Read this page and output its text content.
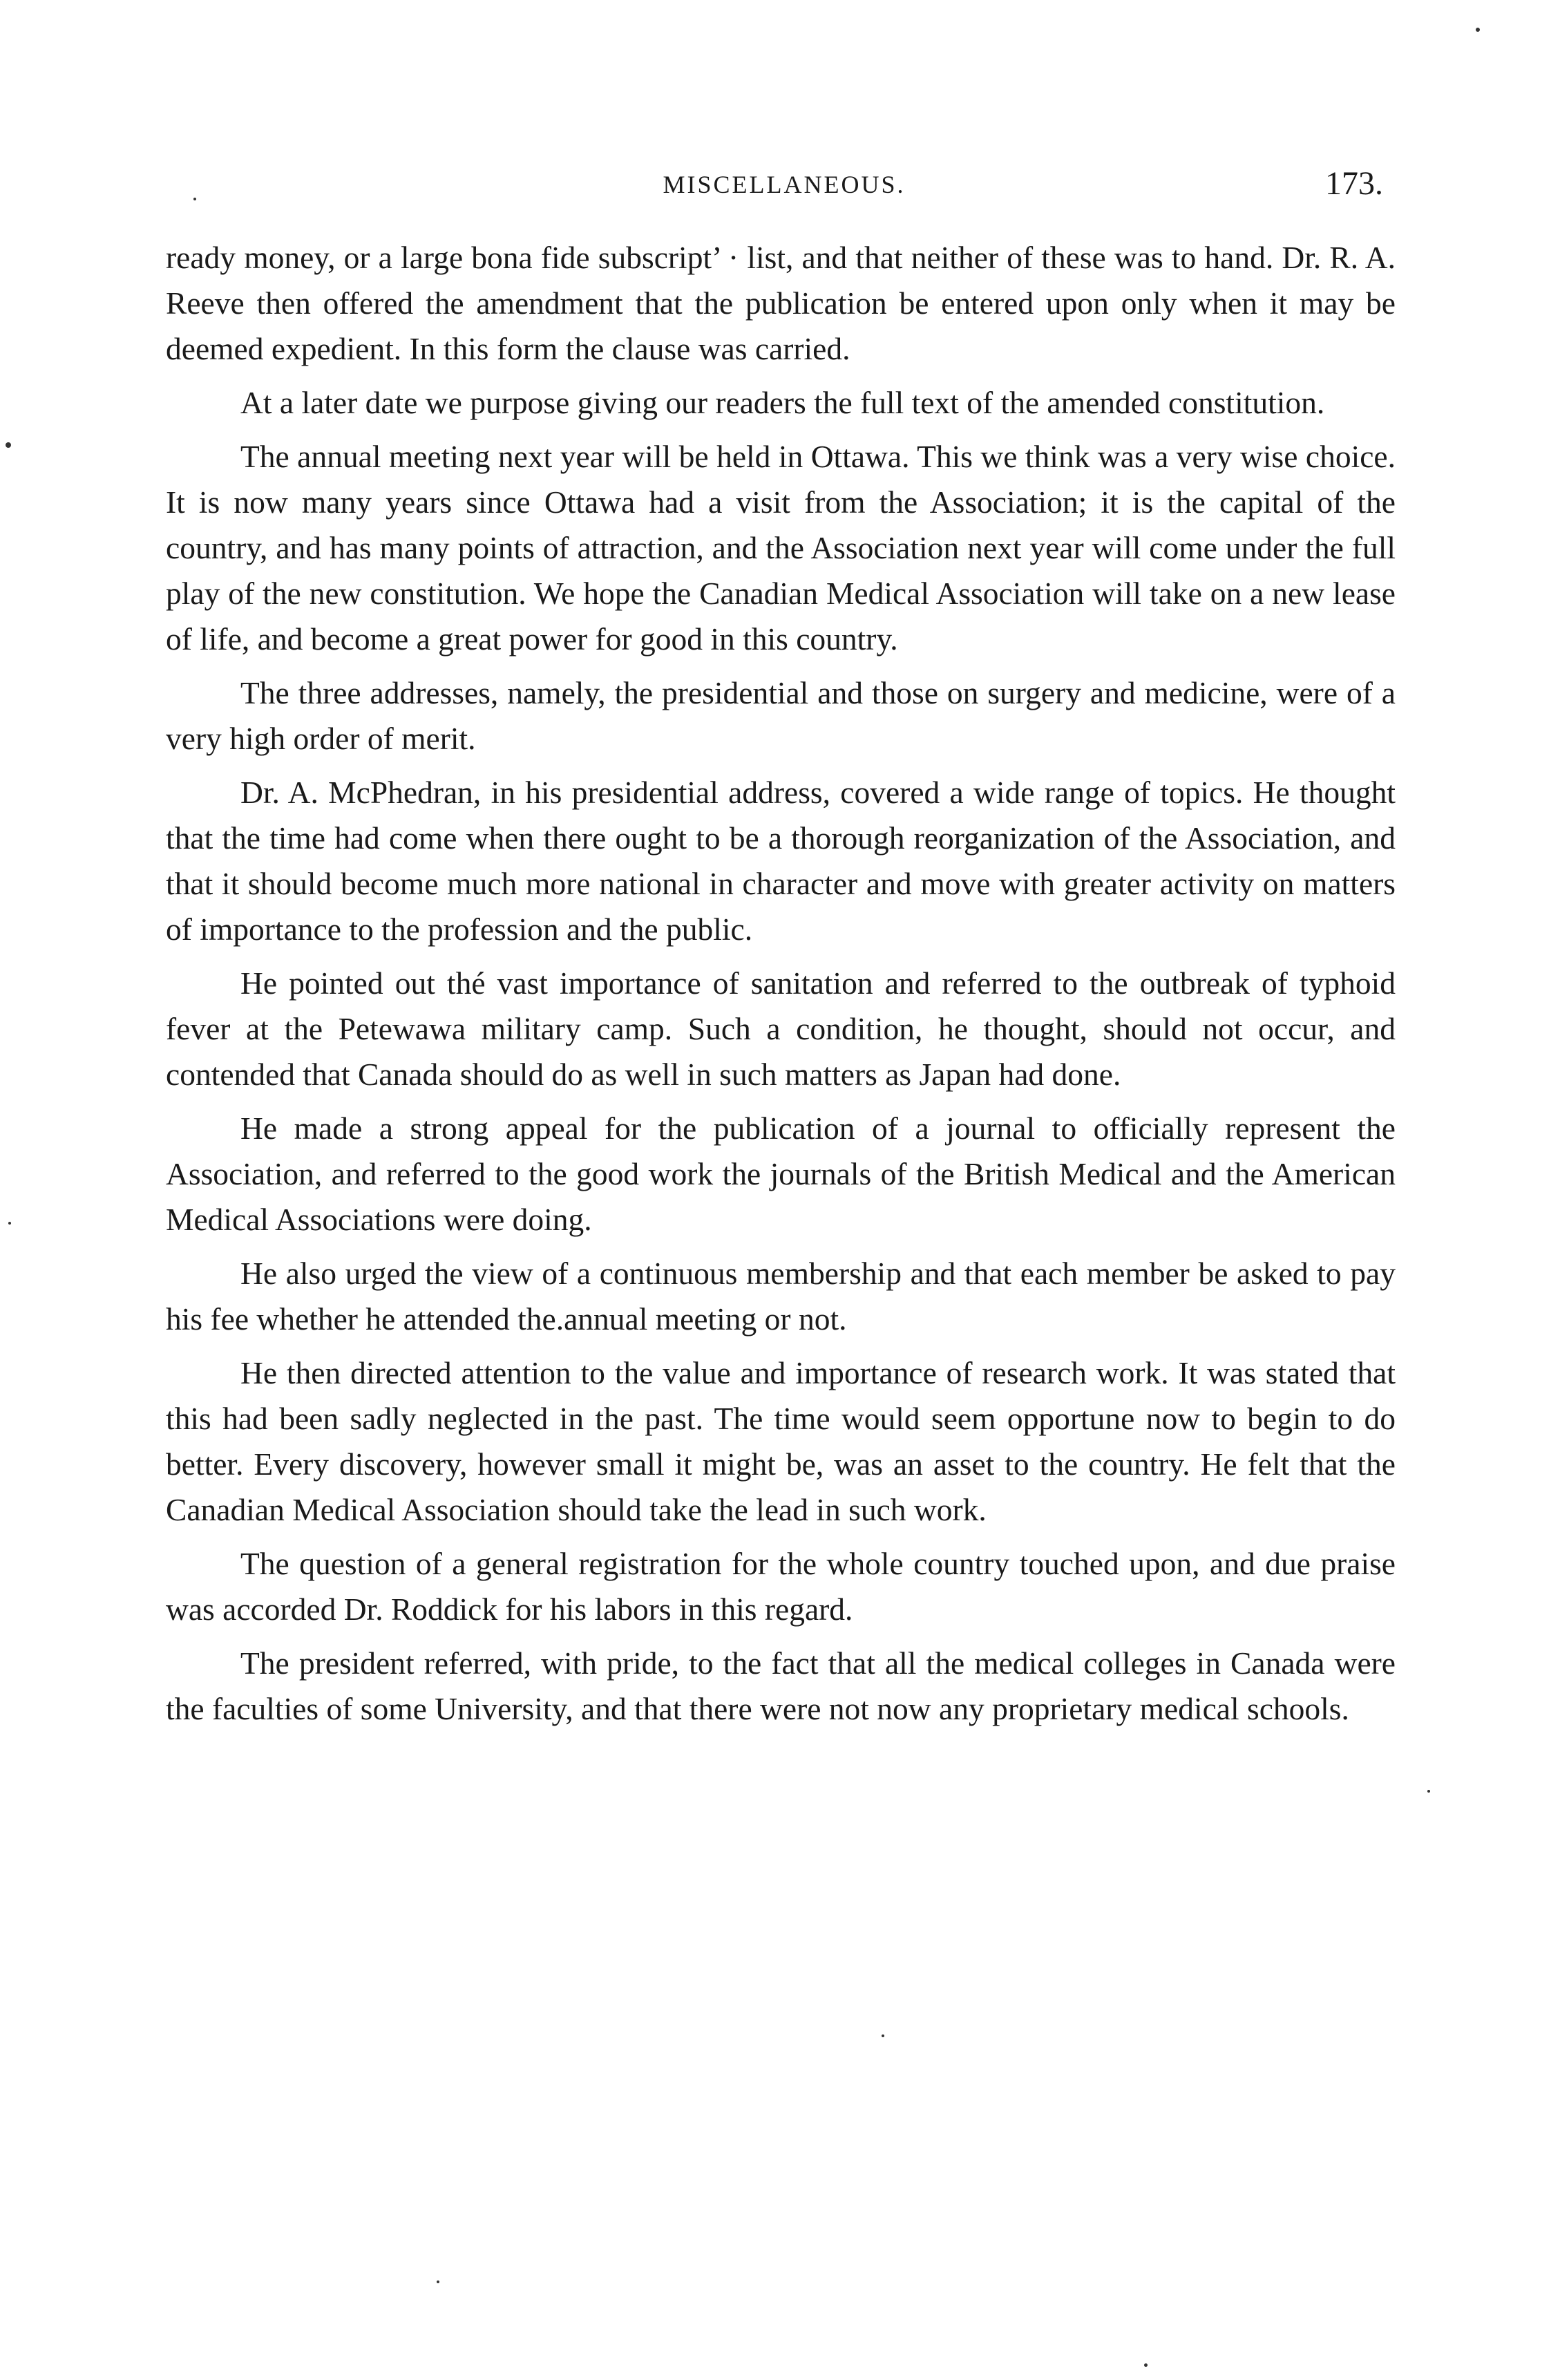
MISCELLANEOUS.	173.

ready money, or a large bona fide subscript’ · list, and that neither of these was to hand. Dr. R. A. Reeve then offered the amendment that the publication be entered upon only when it may be deemed expedient. In this form the clause was carried.

At a later date we purpose giving our readers the full text of the amended constitution.

The annual meeting next year will be held in Ottawa. This we think was a very wise choice. It is now many years since Ottawa had a visit from the Association; it is the capital of the country, and has many points of attraction, and the Association next year will come under the full play of the new constitution. We hope the Canadian Medical Association will take on a new lease of life, and become a great power for good in this country.

The three addresses, namely, the presidential and those on surgery and medicine, were of a very high order of merit.

Dr. A. McPhedran, in his presidential address, covered a wide range of topics. He thought that the time had come when there ought to be a thorough reorganization of the Association, and that it should become much more national in character and move with greater activity on matters of importance to the profession and the public.

He pointed out thé vast importance of sanitation and referred to the outbreak of typhoid fever at the Petewawa military camp. Such a condition, he thought, should not occur, and contended that Canada should do as well in such matters as Japan had done.

He made a strong appeal for the publication of a journal to officially represent the Association, and referred to the good work the journals of the British Medical and the American Medical Associations were doing.

He also urged the view of a continuous membership and that each member be asked to pay his fee whether he attended the.annual meeting or not.

He then directed attention to the value and importance of research work. It was stated that this had been sadly neglected in the past. The time would seem opportune now to begin to do better. Every discovery, however small it might be, was an asset to the country. He felt that the Canadian Medical Association should take the lead in such work.

The question of a general registration for the whole country touched upon, and due praise was accorded Dr. Roddick for his labors in this regard.

The president referred, with pride, to the fact that all the medical colleges in Canada were the faculties of some University, and that there were not now any proprietary medical schools.
